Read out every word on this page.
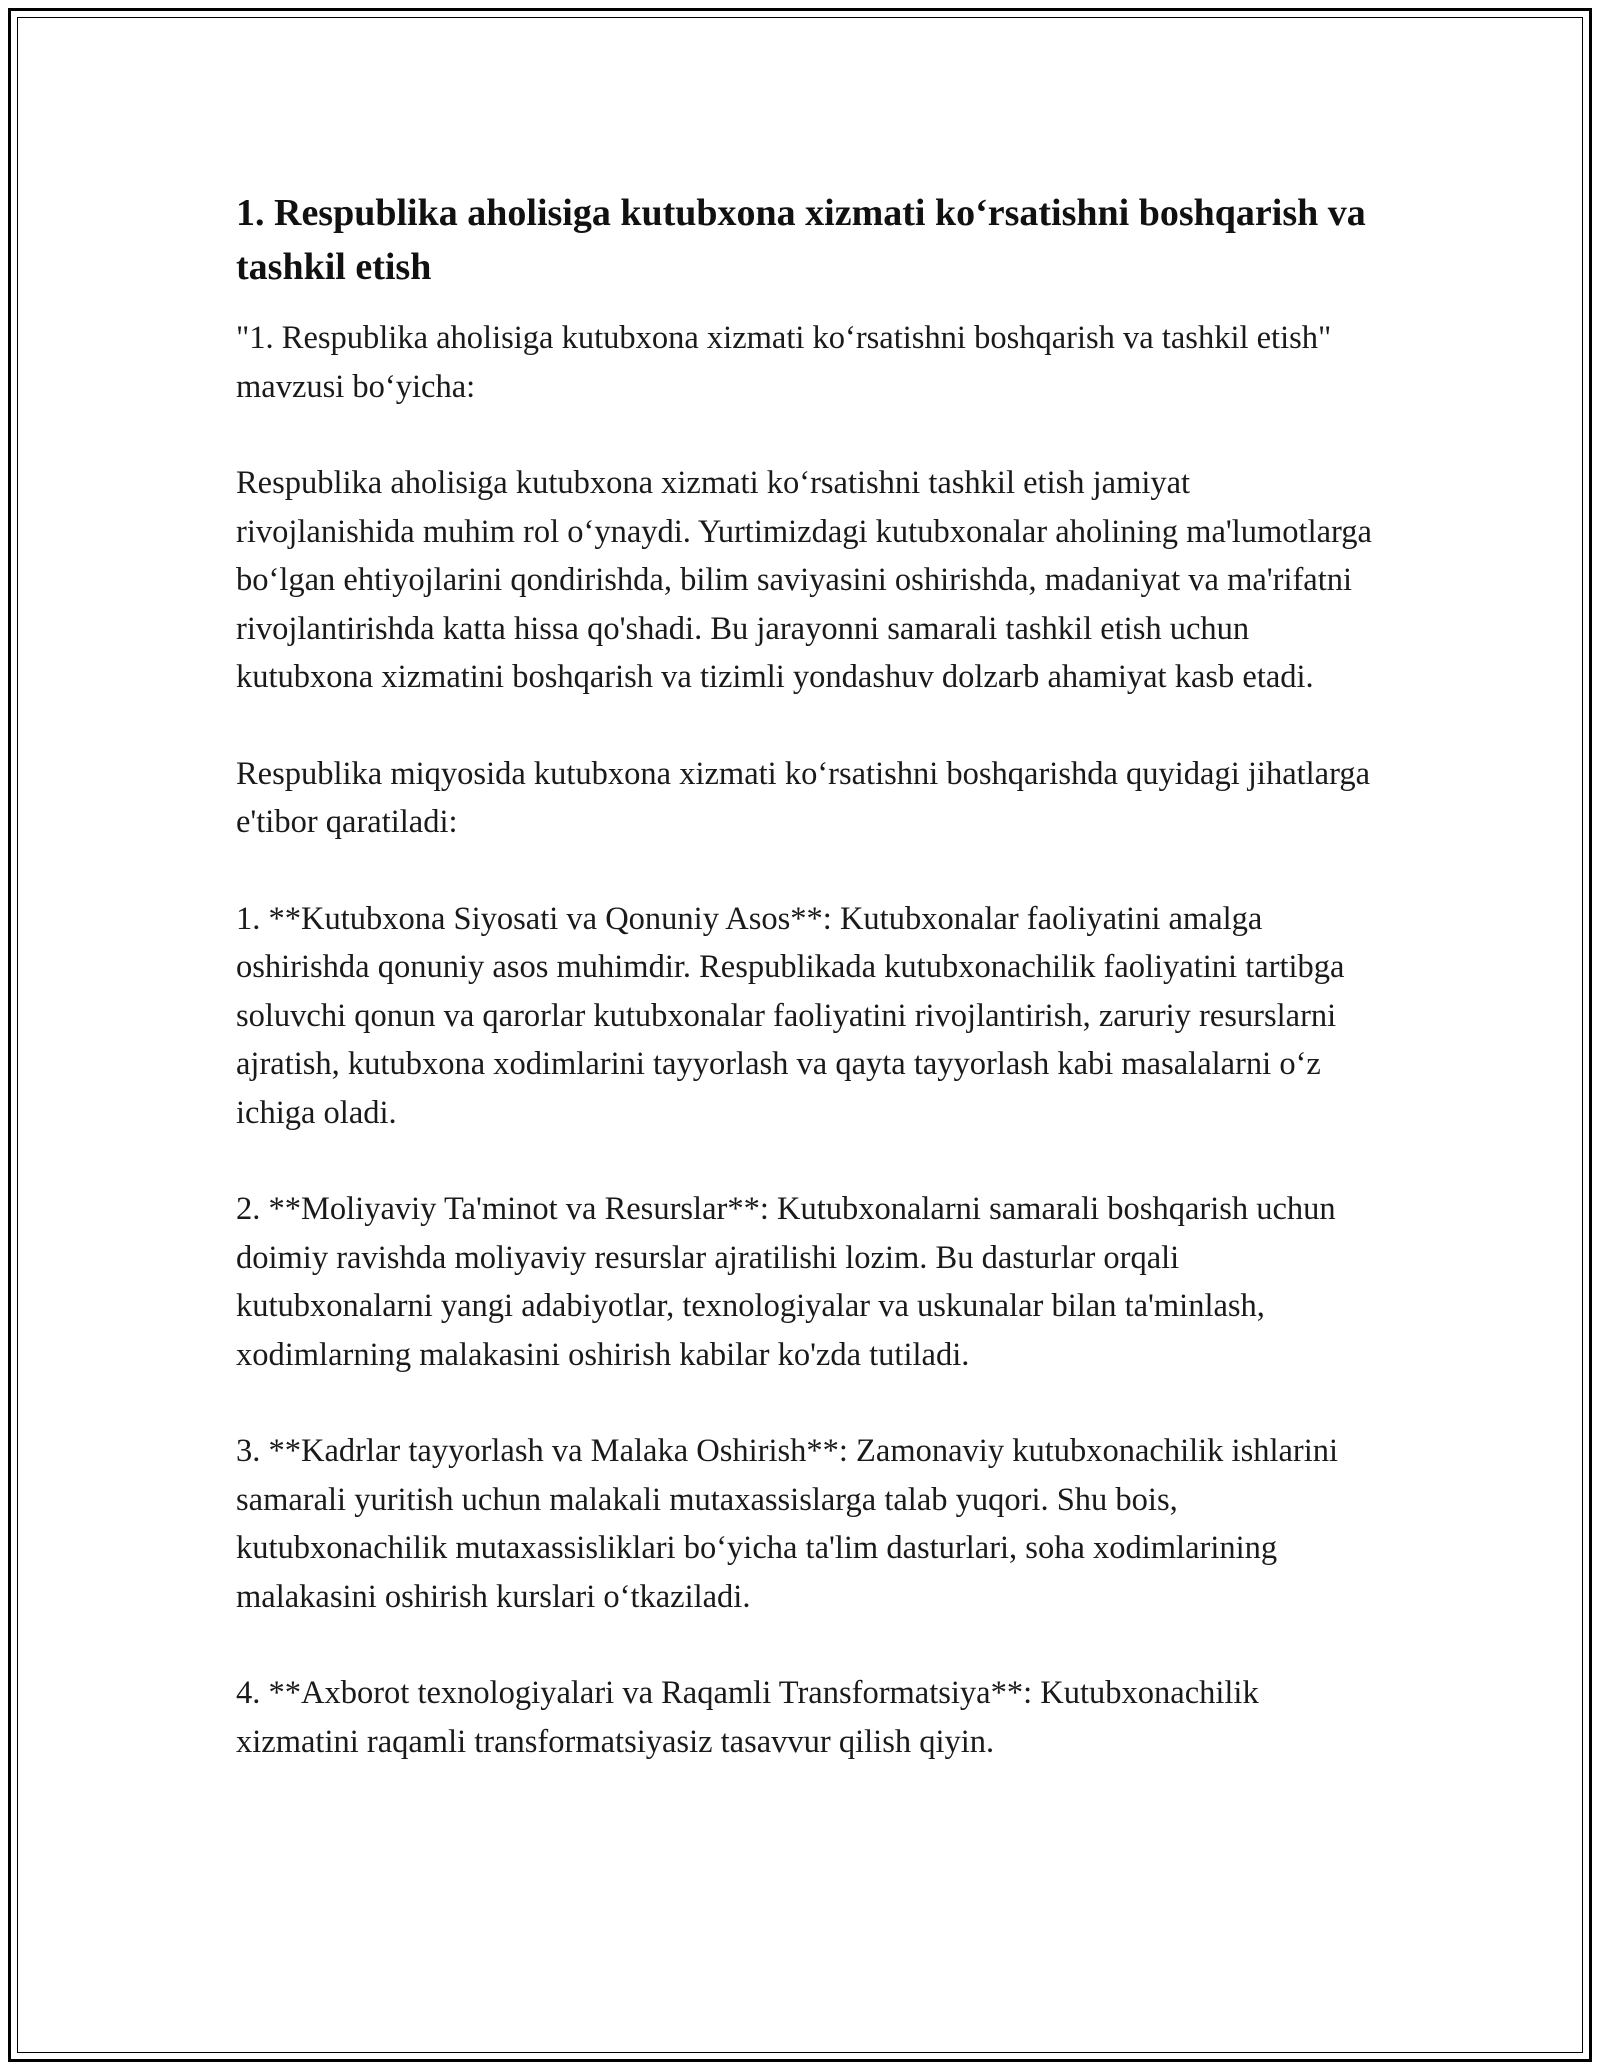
1. Respublika aholisiga kutubxona xizmati ko‘rsatishni boshqarish va tashkil etish

"1. Respublika aholisiga kutubxona xizmati ko‘rsatishni boshqarish va tashkil etish" mavzusi bo‘yicha:

Respublika aholisiga kutubxona xizmati ko‘rsatishni tashkil etish jamiyat rivojlanishida muhim rol o‘ynaydi. Yurtimizdagi kutubxonalar aholining ma'lumotlarga bo‘lgan ehtiyojlarini qondirishda, bilim saviyasini oshirishda, madaniyat va ma'rifatni rivojlantirishda katta hissa qo'shadi. Bu jarayonni samarali tashkil etish uchun kutubxona xizmatini boshqarish va tizimli yondashuv dolzarb ahamiyat kasb etadi.

Respublika miqyosida kutubxona xizmati ko‘rsatishni boshqarishda quyidagi jihatlarga e'tibor qaratiladi:

1. **Kutubxona Siyosati va Qonuniy Asos**: Kutubxonalar faoliyatini amalga oshirishda qonuniy asos muhimdir. Respublikada kutubxonachilik faoliyatini tartibga soluvchi qonun va qarorlar kutubxonalar faoliyatini rivojlantirish, zaruriy resurslarni ajratish, kutubxona xodimlarini tayyorlash va qayta tayyorlash kabi masalalarni o‘z ichiga oladi.

2. **Moliyaviy Ta'minot va Resurslar**: Kutubxonalarni samarali boshqarish uchun doimiy ravishda moliyaviy resurslar ajratilishi lozim. Bu dasturlar orqali kutubxonalarni yangi adabiyotlar, texnologiyalar va uskunalar bilan ta'minlash, xodimlarning malakasini oshirish kabilar ko'zda tutiladi.

3. **Kadrlar tayyorlash va Malaka Oshirish**: Zamonaviy kutubxonachilik ishlarini samarali yuritish uchun malakali mutaxassislarga talab yuqori. Shu bois, kutubxonachilik mutaxassisliklari bo‘yicha ta'lim dasturlari, soha xodimlarining malakasini oshirish kurslari o‘tkaziladi.

4. **Axborot texnologiyalari va Raqamli Transformatsiya**: Kutubxonachilik xizmatini raqamli transformatsiyasiz tasavvur qilish qiyin.
